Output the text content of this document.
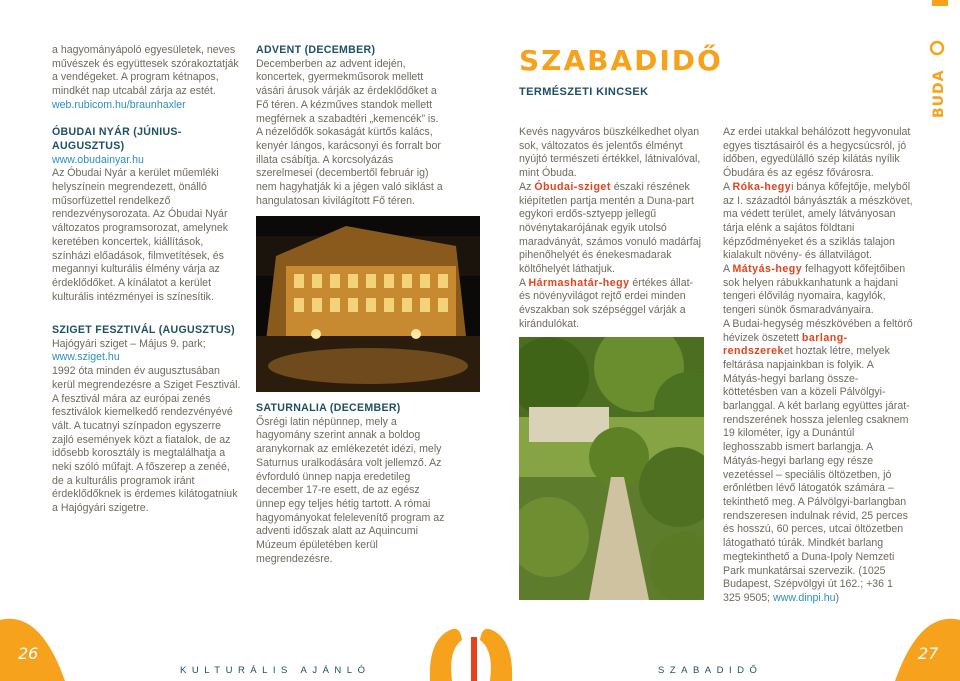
a hagyományápoló egyesületek, neves művészek és együttesek szórakoztatják a vendégeket. A program kétnapos, mindkét nap utcabál zárja az estét.

web.rubicom.hu/braunhaxler

ÓBUDAI NYÁR (JÚNIUS-AUGUSZTUS)

www.obudainyar.hu

Az Óbudai Nyár a kerület műemléki helyszínein megrendezett, önálló műsorfüzettel rendelkező rendezvénysorozata. Az Óbudai Nyár változatos programsorozat, amelynek keretében koncertek, kiállítások, színházi előadások, filmvetítések, és megannyi kulturális élmény várja az érdeklődőket. A kínálatot a kerület kulturális intézményei is színesítik.

SZIGET FESZTIVÁL (AUGUSZTUS)

Hajógyári sziget – Május 9. park;

www.sziget.hu

1992 óta minden év augusztusában kerül megrendezésre a Sziget Fesztivál. A fesztivál mára az európai zenés fesztiválok kiemelkedő rendezvényévé vált. A tucatnyi színpadon egyszerre zajló események közt a fiatalok, de az idősebb korosztály is megtalálhatja a neki szóló műfajt. A főszerep a zenéé, de a kulturális programok iránt érdeklődőknek is érdemes kilátogatniuk a Hajógyári szigetre.

ADVENT (DECEMBER)

Decemberben az advent idején, koncertek, gyermekműsorok mellett vásári árusok várják az érdeklődőket a Fő téren. A kézműves standok mellett megférnek a szabadtéri „kemencék” is. A nézelődők sokaságát kürtős kalács, kenyér lángos, karácsonyi és forralt bor illata csábítja. A korcsolyázás szerelmesei (decembertől február ig) nem hagyhatják ki a jégen való siklást a hangulatosan kivilágított Fő téren.

SATURNALIA (DECEMBER)

Ősrégi latin népünnep, mely a hagyomány szerint annak a boldog aranykornak az emlékezetét idézi, mely Saturnus uralkodására volt jellemző. Az évforduló ünnep napja eredetileg december 17-re esett, de az egész ünnep egy teljes hétig tartott. A római hagyományokat felelevenítő program az adventi időszak alatt az Aquincumi Múzeum épületében kerül megrendezésre.

SZABADIDŐ
TERMÉSZETI KINCSEK

Kevés nagyváros büszkélkedhet olyan sok, változatos és jelentős élményt nyújtó természeti értékkel, látnivalóval, mint Óbuda.

Az Óbudai-sziget északi részének kiépítetlen partja mentén a Duna-part egykori erdős-sztyepp jellegű növénytakarójának egyik utolsó maradványát, számos vonuló madárfaj pihenőhelyét és énekesmadarak költőhelyét láthatjuk.

A Hármashatár-hegy értékes állat- és növényvilágot rejtő erdei minden évszakban sok szépséggel várják a kirándulókat.

Az erdei utakkal behálózott hegyvonulat egyes tisztásairól és a hegycsúcsról, jó időben, egyedülálló szép kilátás nyílik Óbudára és az egész fővárosra.

A Róka-hegyi bánya kőfejtője, melyből az I. századtól bányászták a mészkövet, ma védett terület, amely látványosan tárja elénk a sajátos földtani képződményeket és a sziklás talajon kialakult növény- és állatvilágot.

A Mátyás-hegy felhagyott kőfejtőiben sok helyen rábukkanhatunk a hajdani tengeri élővilág nyomaira, kagylók, tengeri sünök ősmaradványaira.

A Budai-hegység mészkövében a feltörő hévizek öszetett barlang-rendszereket hoztak létre, melyek feltárása napjainkban is folyik. A Mátyás-hegyi barlang össze-köttetésben van a közeli Pálvölgyi-barlanggal. A két barlang együttes járat-rendszerének hossza jelenleg csaknem 19 kilométer, így a Dunántúl leghosszabb ismert barlangja. A Mátyás-hegyi barlang egy része vezetéssel – speciális öltözetben, jó erőnlétben lévő látogatók számára – tekinthető meg. A Pálvölgyi-barlangban rendszeresen indulnak révid, 25 perces és hosszú, 60 perces, utcai öltözetben látogatható túrák. Mindkét barlang megtekinthető a Duna-Ipoly Nemzeti Park munkatársai szervezik. (1025 Budapest, Szépvölgyi út 162.; +36 1 325 9505; www.dinpi.hu)

BUDA
26	27
KULTURÁLIS AJÁNLÓ	SZABADIDŐ
